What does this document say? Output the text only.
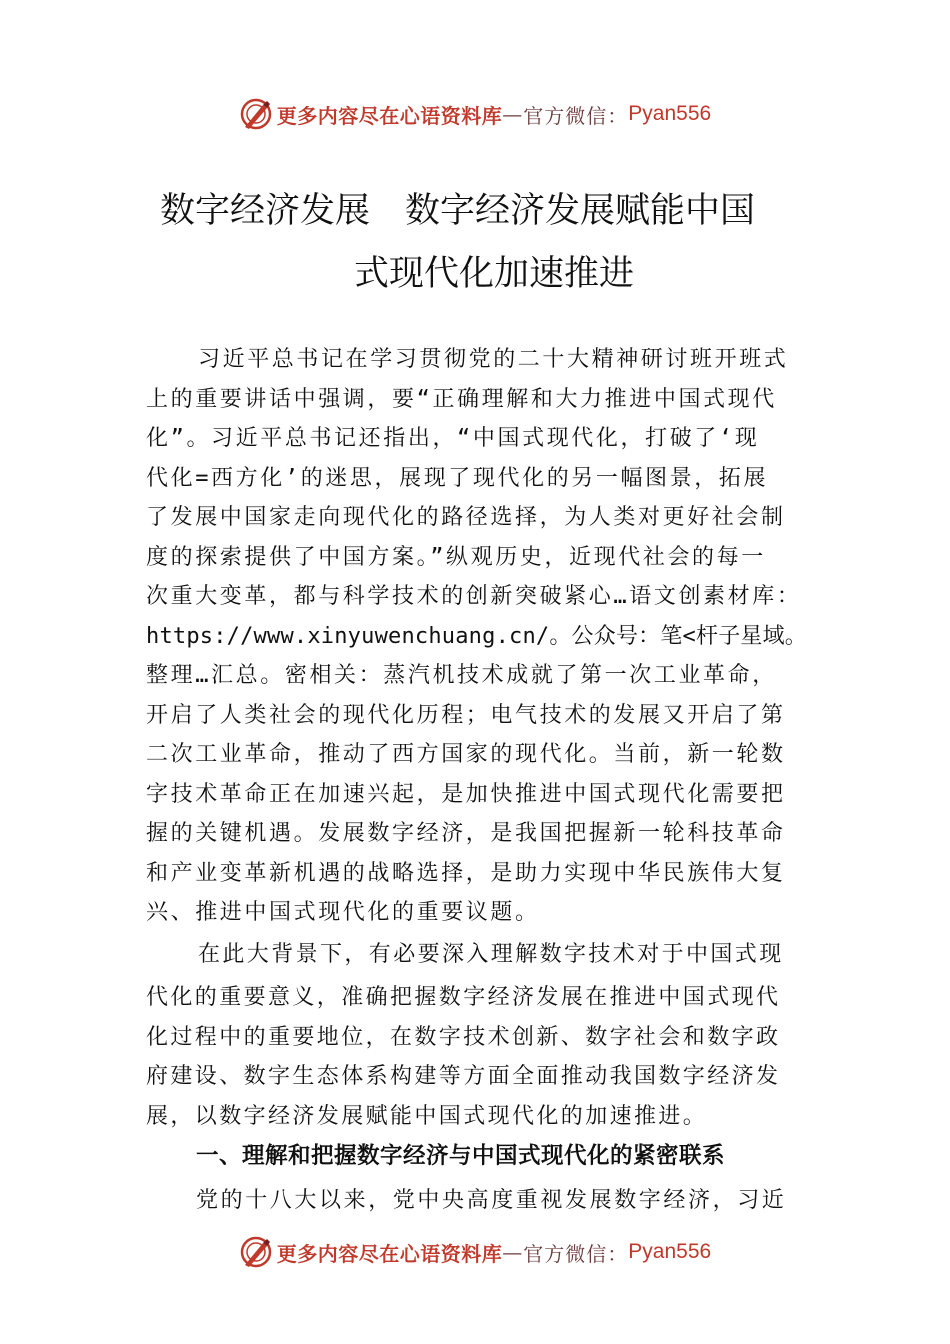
更多内容尽在心语资料库 — 官方微信： Pyan556
数字经济发展　数字经济发展赋能中国
式现代化加速推进
习近平总书记在学习贯彻党的二十大精神研讨班开班式
上的重要讲话中强调，要“正确理解和大力推进中国式现代
化”。习近平总书记还指出，“中国式现代化，打破了‘现
代化=西方化’的迷思，展现了现代化的另一幅图景，拓展
了发展中国家走向现代化的路径选择，为人类对更好社会制
度的探索提供了中国方案。”纵观历史，近现代社会的每一
次重大变革，都与科学技术的创新突破紧心…语文创素材库：
https://www.xinyuwenchuang.cn/。公众号：笔<杆子星域。
整理…汇总。密相关：蒸汽机技术成就了第一次工业革命，
开启了人类社会的现代化历程；电气技术的发展又开启了第
二次工业革命，推动了西方国家的现代化。当前，新一轮数
字技术革命正在加速兴起，是加快推进中国式现代化需要把
握的关键机遇。发展数字经济，是我国把握新一轮科技革命
和产业变革新机遇的战略选择，是助力实现中华民族伟大复
兴、推进中国式现代化的重要议题。
在此大背景下，有必要深入理解数字技术对于中国式现
代化的重要意义，准确把握数字经济发展在推进中国式现代
化过程中的重要地位，在数字技术创新、数字社会和数字政
府建设、数字生态体系构建等方面全面推动我国数字经济发
展，以数字经济发展赋能中国式现代化的加速推进。
一、理解和把握数字经济与中国式现代化的紧密联系
党的十八大以来，党中央高度重视发展数字经济，习近
更多内容尽在心语资料库 — 官方微信： Pyan556
